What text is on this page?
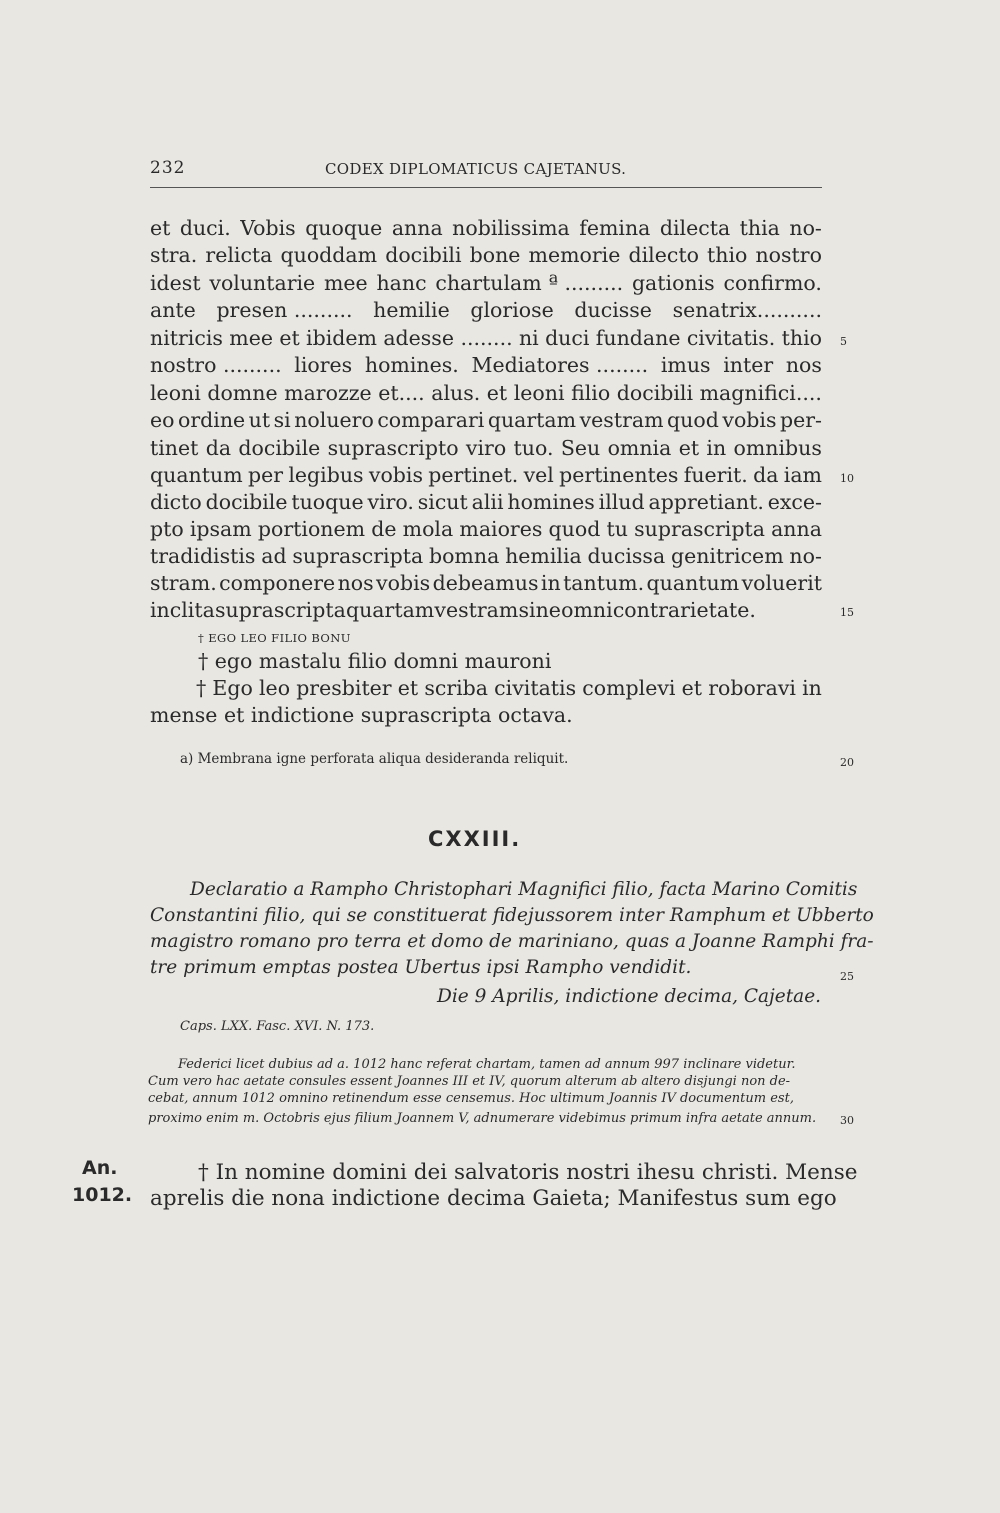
232	CODEX DIPLOMATICUS CAJETANUS.
et duci. Vobis quoque anna nobilissima femina dilecta thia no-
stra. relicta quoddam docibili bone memorie dilecto thio nostro
idest voluntarie mee hanc chartulam ª ......... gationis confirmo.
ante presen ......... hemilie gloriose ducisse senatrix..........
nitricis mee et ibidem adesse ........ ni duci fundane civitatis. thio
nostro ......... liores homines. Mediatores ........ imus inter nos
leoni domne marozze et.... alus. et leoni filio docibili magnifici....
eo ordine ut si noluero comparari quartam vestram quod vobis per-
tinet da docibile suprascripto viro tuo. Seu omnia et in omnibus
quantum per legibus vobis pertinet. vel pertinentes fuerit. da iam
dicto docibile tuoque viro. sicut alii homines illud appretiant. exce-
pto ipsam portionem de mola maiores quod tu suprascripta anna
tradidistis ad suprascripta bomna hemilia ducissa genitricem no-
stram. componere nos vobis debeamus in tantum. quantum voluerit
inclita suprascripta quartam vestram sine omni contrarietate.
† EGO LEO FILIO BONU
† ego mastalu filio domni mauroni
† Ego leo presbiter et scriba civitatis complevi et roboravi in
mense et indictione suprascripta octava.
a) Membrana igne perforata aliqua desideranda reliquit.
5
10
15
20
25
30
CXXIII.
Declaratio a Rampho Christophari Magnifici filio, facta Marino Comitis
Constantini filio, qui se constituerat fidejussorem inter Ramphum et Ubberto
magistro romano pro terra et domo de mariniano, quas a Joanne Ramphi fra-
tre primum emptas postea Ubertus ipsi Rampho vendidit.
Die 9 Aprilis, indictione decima, Cajetae.
Caps. LXX. Fasc. XVI. N. 173.
Federici licet dubius ad a. 1012 hanc referat chartam, tamen ad annum 997 inclinare videtur.
Cum vero hac aetate consules essent Joannes III et IV, quorum alterum ab altero disjungi non de-
cebat, annum 1012 omnino retinendum esse censemus. Hoc ultimum Joannis IV documentum est,
proximo enim m. Octobris ejus filium Joannem V, adnumerare videbimus primum infra aetate annum.
An.
1012.
† In nomine domini dei salvatoris nostri ihesu christi. Mense
aprelis die nona indictione decima Gaieta; Manifestus sum ego
